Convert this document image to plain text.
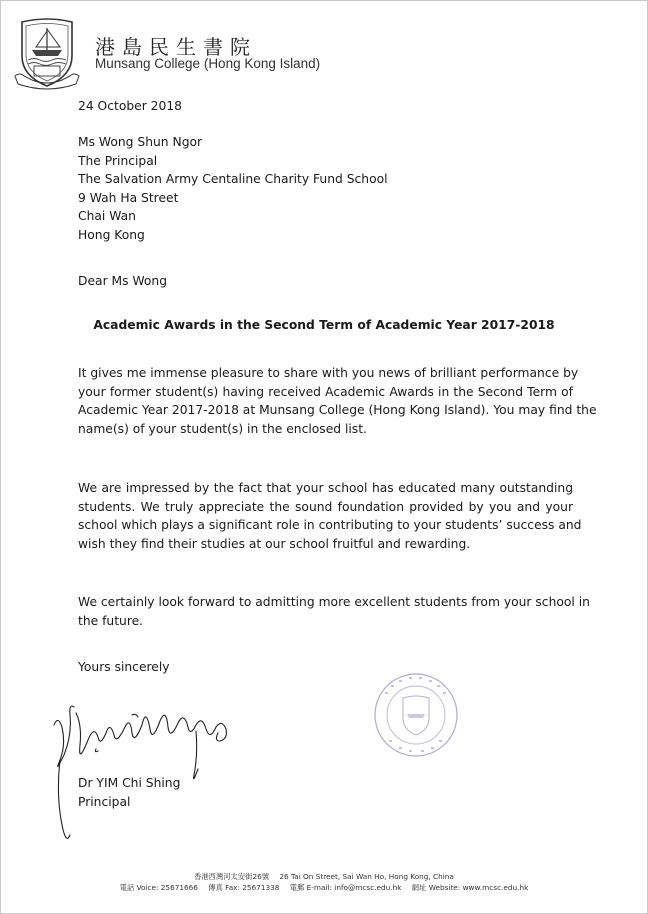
港島民生書院
Munsang College (Hong Kong Island)
24 October 2018
Ms Wong Shun Ngor
The Principal
The Salvation Army Centaline Charity Fund School
9 Wah Ha Street
Chai Wan
Hong Kong
Dear Ms Wong
Academic Awards in the Second Term of Academic Year 2017-2018
It gives me immense pleasure to share with you news of brilliant performance by
your former student(s) having received Academic Awards in the Second Term of
Academic Year 2017-2018 at Munsang College (Hong Kong Island). You may find the
name(s) of your student(s) in the enclosed list.
We are impressed by the fact that your school has educated many outstanding
students. We truly appreciate the sound foundation provided by you and your
school which plays a significant role in contributing to your students’ success and
wish they find their studies at our school fruitful and rewarding.
We certainly look forward to admitting more excellent students from your school in
the future.
Yours sincerely
Dr YIM Chi Shing
Principal
香港西灣河太安街26號 26 Tai On Street, Sai Wan Ho, Hong Kong, China
電話 Voice: 25671666 傳真 Fax: 25671338 電郵 E-mail: info@mcsc.edu.hk 網址 Website: www.mcsc.edu.hk
